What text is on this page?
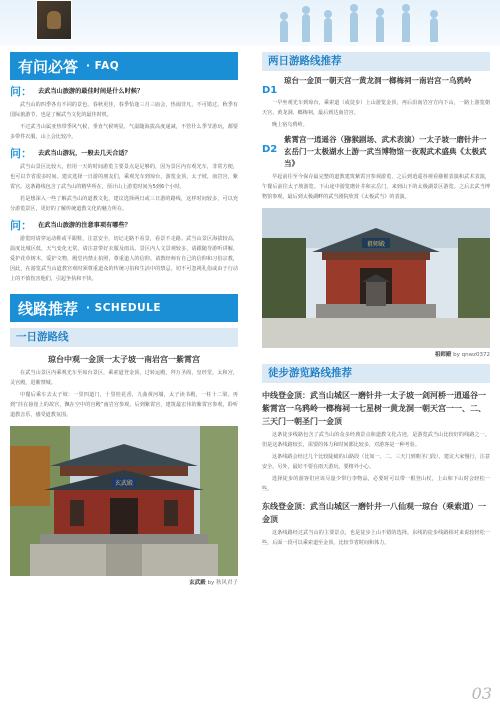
有问必答 · FAQ
问： 去武当山旅游的最佳时间是什么时候？

武当山的四季各有不同的景色。春秋更佳，春季恰逢三月三庙会，热闹非凡，不可错过。秋季有国际旅游节，也是了解武当文化的最佳时机。

不过武当山属亚热带季风气候，垂直气候明显，气温随海拔高度递减，不管什么季节游玩，都要多带件衣服，山上会比较冷。

问： 去武当山游玩，一般去几天合适？

武当山景区比较大，但用一天的时间游览主要景点是足够的，因为景区内有观光车，非常方便，也可以节省很多时间。建议选择一日游的朋友们，乘观光车到琼台，游览金顶，太子坡，南岩宫，紫霄宫。这条路线包含了武当山的精华所在，预计山上游览时间为5到6个小时。

若是想深入一些了解武当山的道教文化，建议选择两日或三日游的路线，这样时间较多，可以充分游览景区，更好的了解传统道教文化的魅力所在。

问： 在武当山旅游的注意事项有哪些？

游览时请穿运动鞋或平跟鞋，注意安全，切记走路不看景，看景不走路。武当山景区海拔较高，温度比城区低，天气变化无常，请注意带好衣服及雨具。景区内人文景观较多，请跟随导游听讲解，爱护花草树木，爱护文物，殿堂内禁止拍照，尊重道人的信仰。请教经师有自己的信仰和习俗宗教，因此，在游览武当山道教宫观时须尊重道众的传统习俗和生活中的禁忌，切不可忽视礼俗或由于行动上的不慎伤害他们，引起争执和不快。

线路推荐 · SCHEDULE
一日游路线
琼台中观一金顶一太子坡一南岩宫一紫霄宫

在武当山景区内乘观光车至琼台景区，乘索道登金顶，过转运殿，拜万圣阁，皇经堂，太和宫，灵官殿，进紫禁城。

中餐后乘车去太子坡：一里四道门，十里桂花香，九曲黄河墙，太子读书殿，一柱十二梁。再到“挂在悬崖上的故宫，飘在空中的宫殿”南岩宫参观。后到紫霄宫，建筑最宏伟的紫霄宫参观，聆听道教音乐，感受道教氛围。

玄武殿
玄武殿 by 秋风君子
两日游路线推荐
D1
琼台一金顶一朝天宫一黄龙洞一榔梅祠一南岩宫一乌鸦岭

一早坐观光车到琼台，乘索道（或徒步）上山游览金顶，再后沿南岩宫方向下山，一路上游览朝天宫、黄龙洞、榔梅祠，最后到达南岩宫。

晚上宿乌鸦岭。

D2
紫霄宫一逍遥谷（猕猴剧场、武术表演）一太子坡一磨针井一玄岳门一太极湖水上游一武当博物馆一夜观武术盛典《太极武当》

早起前往至今保存最完整的道教建筑紫霄宫参观游览，之后到逍遥谷观看猕猴表演和武术表演，午餐后前往太子坡游览。下山途中游览磨针井和玄岳门，来到山下的太极湖景区游览。之后去武当博物馆参观，最后到太极湖畔的武当剧院欣赏《太极武当》的表演。

祖师殿
祖师殿 by qnwz0372
徒步游览路线推荐
中线登金顶：武当山城区一磨针井一太子坡一剑河桥一逍遥谷一紫霄宫一乌鸦岭一榔梅祠一七星树一黄龙洞一朝天宫一一、二、三天门一朝圣门一金顶

这条徒步线路包含了武当山的众多经典景点和道教文化古迹，是游览武当山比较好的线路之一。但是这条线路较长，需要的体力和时间都比较多，对游客是一种考验。

这条线路会经过几个比较陡峭的山路段（比如一、二、三天门到朝圣门段），建议大家慢行，注意安全。另外，最好不要在雨天游玩，要格外小心。

选择徒步的游客们应该尽量少带行李物品，必要时可以带一根登山杖，上山和下山时会轻松一些。

东线登金顶：武当山城区一磨针井一八仙观一琼台（乘索道）一金顶

这条线路经过武当山的主要景点，也是徒步上山不错的选择。东线的徒步线路相对来说较轻松一些，后面一段可以乘索道至金顶，比较节省时间和体力。

03
